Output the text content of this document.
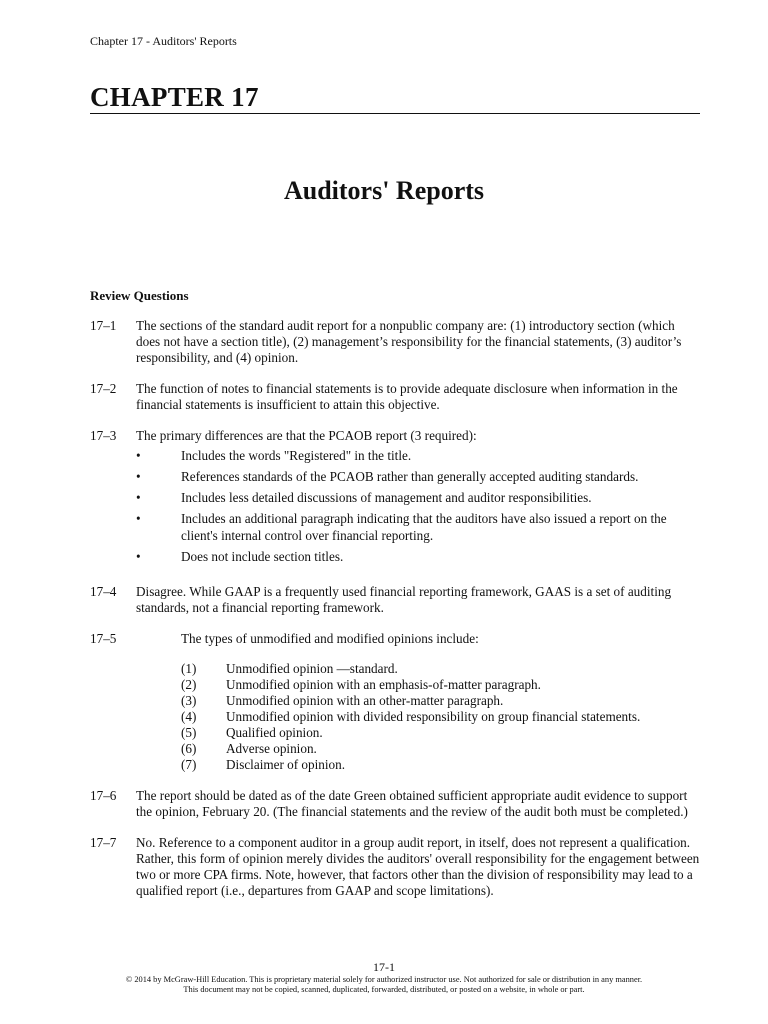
Chapter 17 - Auditors' Reports
CHAPTER 17
Auditors' Reports
Review Questions
17–1	The sections of the standard audit report for a nonpublic company are: (1) introductory section (which does not have a section title), (2) management’s responsibility for the financial statements, (3) auditor’s responsibility, and (4) opinion.
17–2	The function of notes to financial statements is to provide adequate disclosure when information in the financial statements is insufficient to attain this objective.
17–3	The primary differences are that the PCAOB report (3 required):
•	Includes the words "Registered" in the title.
•	References standards of the PCAOB rather than generally accepted auditing standards.
•	Includes less detailed discussions of management and auditor responsibilities.
•	Includes an additional paragraph indicating that the auditors have also issued a report on the client's internal control over financial reporting.
•	Does not include section titles.
17–4	Disagree. While GAAP is a frequently used financial reporting framework, GAAS is a set of auditing standards, not a financial reporting framework.
17–5	The types of unmodified and modified opinions include:
(1)	Unmodified opinion —standard.
(2)	Unmodified opinion with an emphasis-of-matter paragraph.
(3)	Unmodified opinion with an other-matter paragraph.
(4)	Unmodified opinion with divided responsibility on group financial statements.
(5)	Qualified opinion.
(6)	Adverse opinion.
(7)	Disclaimer of opinion.
17–6	The report should be dated as of the date Green obtained sufficient appropriate audit evidence to support the opinion, February 20. (The financial statements and the review of the audit both must be completed.)
17–7	No. Reference to a component auditor in a group audit report, in itself, does not represent a qualification. Rather, this form of opinion merely divides the auditors' overall responsibility for the engagement between two or more CPA firms. Note, however, that factors other than the division of responsibility may lead to a qualified report (i.e., departures from GAAP and scope limitations).
17-1
© 2014 by McGraw-Hill Education. This is proprietary material solely for authorized instructor use. Not authorized for sale or distribution in any manner.
This document may not be copied, scanned, duplicated, forwarded, distributed, or posted on a website, in whole or part.
